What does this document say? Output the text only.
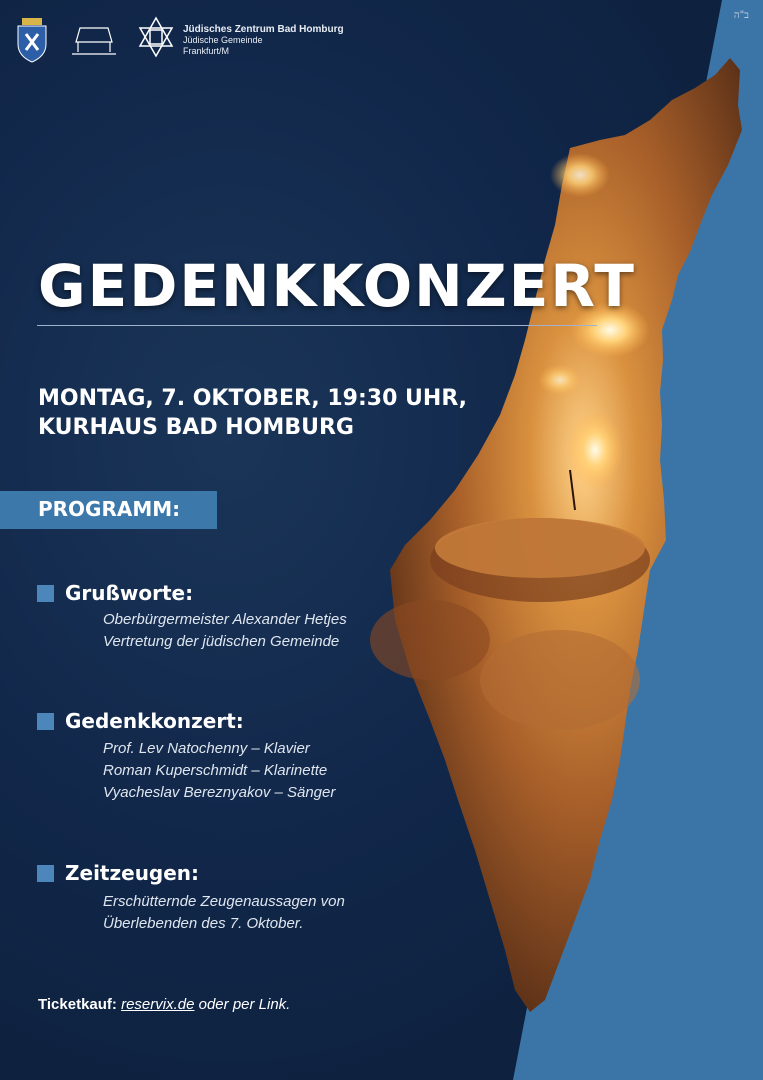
Jüdisches Zentrum Bad Homburg
Jüdische Gemeinde
Frankfurt/M
ב"ה
GEDENKKONZERT
MONTAG, 7. OKTOBER, 19:30 UHR,
KURHAUS BAD HOMBURG
PROGRAMM:
Grußworte:
Oberbürgermeister Alexander Hetjes
Vertretung der jüdischen Gemeinde
Gedenkkonzert:
Prof. Lev Natochenny – Klavier
Roman Kuperschmidt – Klarinette
Vyacheslav Bereznyakov – Sänger
Zeitzeugen:
Erschütternde Zeugenaussagen von
Überlebenden des 7. Oktober.
Ticketkauf: reservix.de oder per Link.
